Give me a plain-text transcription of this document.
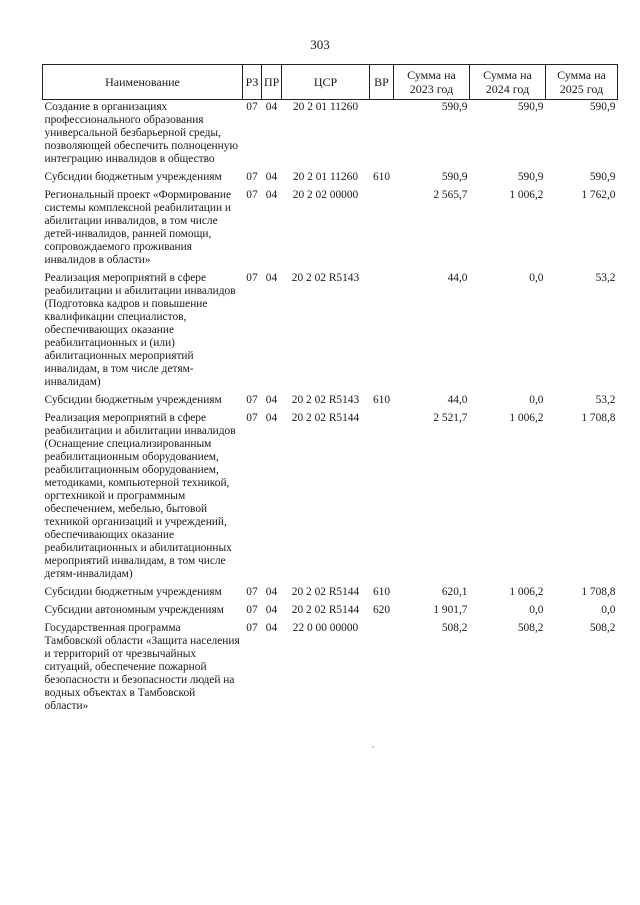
303
Наименование	РЗ	ПР	ЦСР	ВР	Сумма на 2023 год	Сумма на 2024 год	Сумма на 2025 год
Создание в организациях профессионального образования универсальной безбарьерной среды, позволяющей обеспечить полноценную интеграцию инвалидов в общество	07	04	20 2 01 11260		590,9	590,9	590,9
Субсидии бюджетным учреждениям	07	04	20 2 01 11260	610	590,9	590,9	590,9
Региональный проект «Формирование системы комплексной реабилитации и абилитации инвалидов, в том числе детей-инвалидов, ранней помощи, сопровождаемого проживания инвалидов в области»	07	04	20 2 02 00000		2 565,7	1 006,2	1 762,0
Реализация мероприятий в сфере реабилитации и абилитации инвалидов (Подготовка кадров и повышение квалификации специалистов, обеспечивающих оказание реабилитационных и (или) абилитационных мероприятий инвалидам, в том числе детям-инвалидам)	07	04	20 2 02 R5143		44,0	0,0	53,2
Субсидии бюджетным учреждениям	07	04	20 2 02 R5143	610	44,0	0,0	53,2
Реализация мероприятий в сфере реабилитации и абилитации инвалидов (Оснащение специализированным реабилитационным оборудованием, реабилитационным оборудованием, методиками, компьютерной техникой, оргтехникой и программным обеспечением, мебелью, бытовой техникой организаций и учреждений, обеспечивающих оказание реабилитационных и абилитационных мероприятий инвалидам, в том числе детям-инвалидам)	07	04	20 2 02 R5144		2 521,7	1 006,2	1 708,8
Субсидии бюджетным учреждениям	07	04	20 2 02 R5144	610	620,1	1 006,2	1 708,8
Субсидии автономным учреждениям	07	04	20 2 02 R5144	620	1 901,7	0,0	0,0
Государственная программа Тамбовской области «Защита населения и территорий от чрезвычайных ситуаций, обеспечение пожарной безопасности и безопасности людей на водных объектах в Тамбовской области»	07	04	22 0 00 00000		508,2	508,2	508,2
